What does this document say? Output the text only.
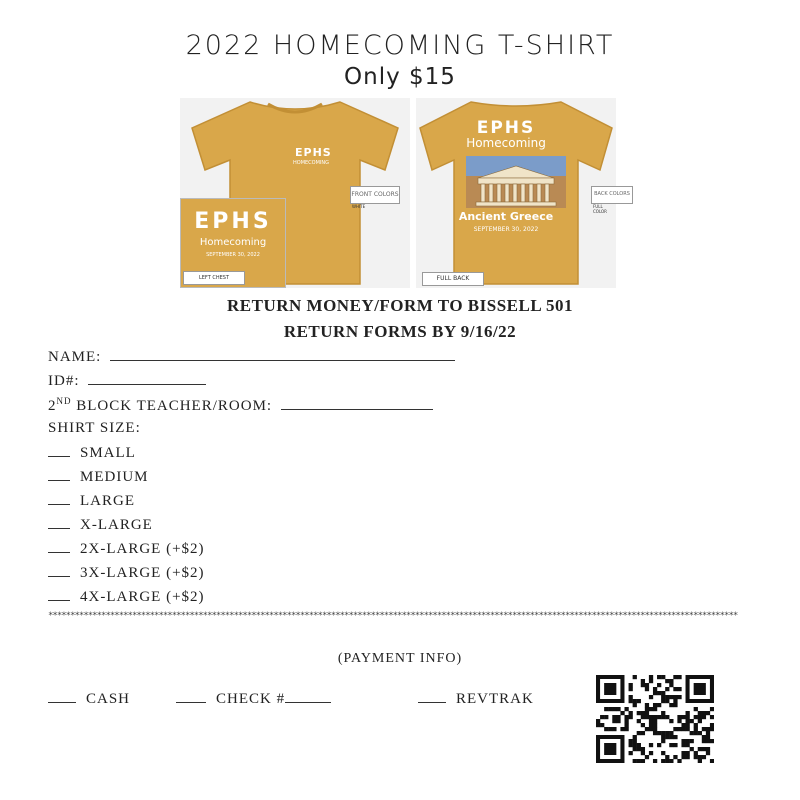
2022 HOMECOMING T-SHIRT
Only $15
EPHS
HOMECOMING
FRONT COLORS
WHITE
EPHS
Homecoming
SEPTEMBER 30, 2022
LEFT CHEST
EPHS
Homecoming
Ancient Greece
SEPTEMBER 30, 2022
FULL BACK
BACK COLORS
FULL COLOR
RETURN MONEY/FORM TO BISSELL 501
RETURN FORMS BY 9/16/22
NAME:
ID#:
2ND BLOCK TEACHER/ROOM:
SHIRT SIZE:
SMALL
MEDIUM
LARGE
X-LARGE
2X-LARGE (+$2)
3X-LARGE (+$2)
4X-LARGE (+$2)
************************************************************************************************************************************************************
(PAYMENT INFO)
CASH	CHECK #	REVTRAK
